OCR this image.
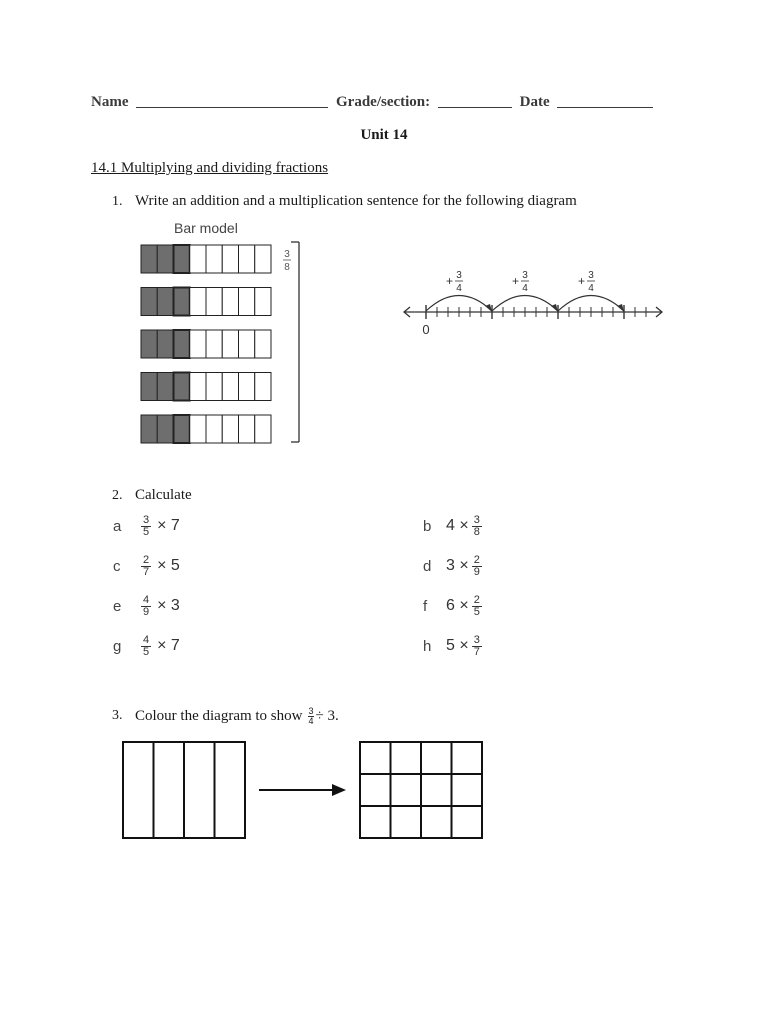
Name	Grade/section:	Date
Unit 14
14.1 Multiplying and dividing fractions
1. Write an addition and a multiplication sentence for the following diagram
Bar model
3
8
+ 3
4
+ 3
4
+ 3
4
0
2. Calculate
a $\frac{3}{5} \times 7$	b $4 \times \frac{3}{8}$
c $\frac{2}{7} \times 5$	d $3 \times \frac{2}{9}$
e $\frac{4}{9} \times 3$	f $6 \times \frac{2}{5}$
g $\frac{4}{5} \times 7$	h $5 \times \frac{3}{7}$
3. Colour the diagram to show $\frac{3}{4} \div 3$.
